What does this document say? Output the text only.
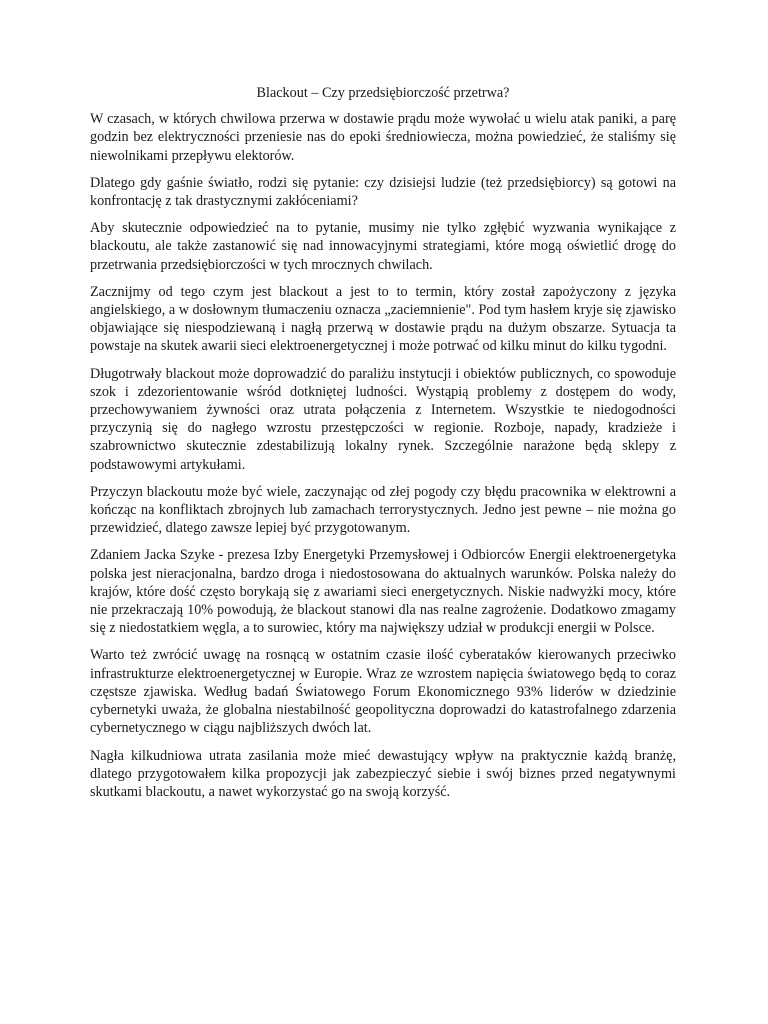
Blackout – Czy przedsiębiorczość przetrwa?

W czasach, w których chwilowa przerwa w dostawie prądu może wywołać u wielu atak paniki, a parę godzin bez elektryczności przeniesie nas do epoki średniowiecza, można powiedzieć, że staliśmy się niewolnikami przepływu elektorów.

Dlatego gdy gaśnie światło, rodzi się pytanie: czy dzisiejsi ludzie (też przedsiębiorcy) są gotowi na konfrontację z tak drastycznymi zakłóceniami?

Aby skutecznie odpowiedzieć na to pytanie, musimy nie tylko zgłębić wyzwania wynikające z blackoutu, ale także zastanowić się nad innowacyjnymi strategiami, które mogą oświetlić drogę do przetrwania przedsiębiorczości w tych mrocznych chwilach.

Zacznijmy od tego czym jest blackout a jest to to termin, który został zapożyczony z języka angielskiego, a w dosłownym tłumaczeniu oznacza „zaciemnienie". Pod tym hasłem kryje się zjawisko objawiające się niespodziewaną i nagłą przerwą w dostawie prądu na dużym obszarze. Sytuacja ta powstaje na skutek awarii sieci elektroenergetycznej i może potrwać od kilku minut do kilku tygodni.

Długotrwały blackout może doprowadzić do paraliżu instytucji i obiektów publicznych, co spowoduje szok i zdezorientowanie wśród dotkniętej ludności. Wystąpią problemy z dostępem do wody, przechowywaniem żywności oraz utrata połączenia z Internetem. Wszystkie te niedogodności przyczynią się do nagłego wzrostu przestępczości w regionie. Rozboje, napady, kradzieże i szabrownictwo skutecznie zdestabilizują lokalny rynek. Szczególnie narażone będą sklepy z podstawowymi artykułami.

Przyczyn blackoutu może być wiele, zaczynając od złej pogody czy błędu pracownika w elektrowni a kończąc na konfliktach zbrojnych lub zamachach terrorystycznych. Jedno jest pewne – nie można go przewidzieć, dlatego zawsze lepiej być przygotowanym.

Zdaniem Jacka Szyke - prezesa Izby Energetyki Przemysłowej i Odbiorców Energii elektroenergetyka polska jest nieracjonalna, bardzo droga i niedostosowana do aktualnych warunków. Polska należy do krajów, które dość często borykają się z awariami sieci energetycznych. Niskie nadwyżki mocy, które nie przekraczają 10% powodują, że blackout stanowi dla nas realne zagrożenie. Dodatkowo zmagamy się z niedostatkiem węgla, a to surowiec, który ma największy udział w produkcji energii w Polsce.

Warto też zwrócić uwagę na rosnącą w ostatnim czasie ilość cyberataków kierowanych przeciwko infrastrukturze elektroenergetycznej w Europie. Wraz ze wzrostem napięcia światowego będą to coraz częstsze zjawiska. Według badań Światowego Forum Ekonomicznego 93% liderów w dziedzinie cybernetyki uważa, że globalna niestabilność geopolityczna doprowadzi do katastrofalnego zdarzenia cybernetycznego w ciągu najbliższych dwóch lat.

Nagła kilkudniowa utrata zasilania może mieć dewastujący wpływ na praktycznie każdą branżę, dlatego przygotowałem kilka propozycji jak zabezpieczyć siebie i swój biznes przed negatywnymi skutkami blackoutu, a nawet wykorzystać go na swoją korzyść.
